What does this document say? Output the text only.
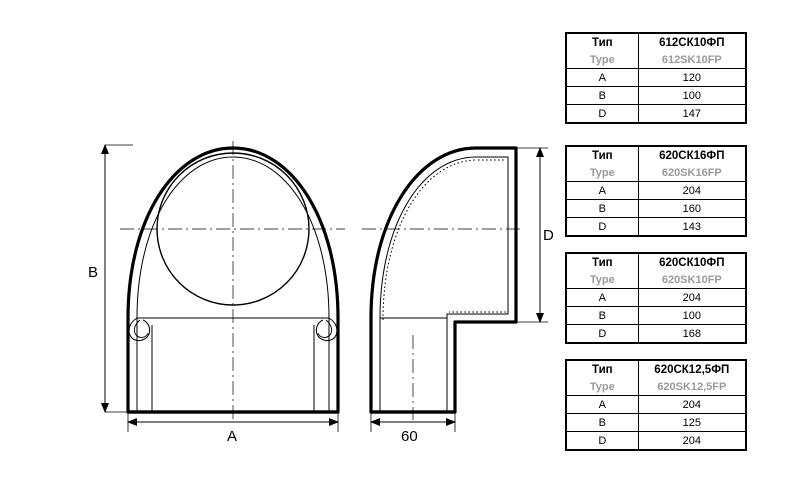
B
A
D
60
Тип	612СК10ФП
Type	612SK10FP
A	120
B	100
D	147
Тип	620СК16ФП
Type	620SK16FP
A	204
B	160
D	143
Тип	620СК10ФП
Type	620SK10FP
A	204
B	100
D	168
Тип	620СК12,5ФП
Type	620SK12,5FP
A	204
B	125
D	204
